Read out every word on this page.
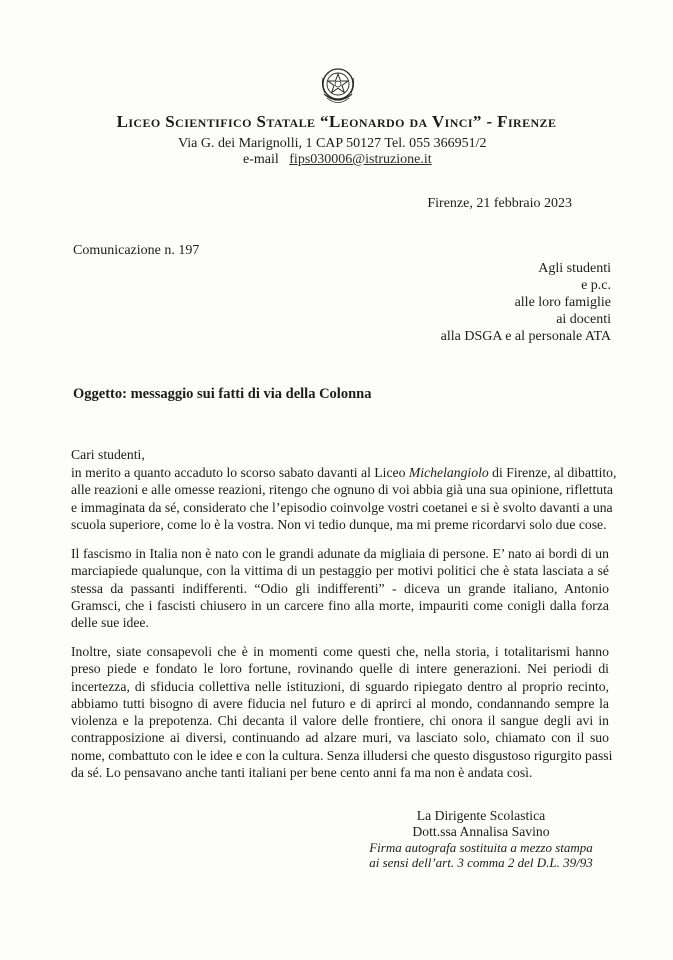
Liceo Scientifico Statale “Leonardo da Vinci” - Firenze
Via G. dei Marignolli, 1 CAP 50127 Tel. 055 366951/2
e-mail fips030006@istruzione.it
Firenze, 21 febbraio 2023
Comunicazione n. 197
Agli studenti
e p.c.
alle loro famiglie
ai docenti
alla DSGA e al personale ATA
Oggetto: messaggio sui fatti di via della Colonna
Cari studenti,
in merito a quanto accaduto lo scorso sabato davanti al Liceo Michelangiolo di Firenze, al dibattito,
alle reazioni e alle omesse reazioni, ritengo che ognuno di voi abbia già una sua opinione, riflettuta
e immaginata da sé, considerato che l’episodio coinvolge vostri coetanei e si è svolto davanti a una
scuola superiore, come lo è la vostra. Non vi tedio dunque, ma mi preme ricordarvi solo due cose.
Il fascismo in Italia non è nato con le grandi adunate da migliaia di persone. E’ nato ai bordi di un
marciapiede qualunque, con la vittima di un pestaggio per motivi politici che è stata lasciata a sé
stessa da passanti indifferenti. “Odio gli indifferenti” - diceva un grande italiano, Antonio
Gramsci, che i fascisti chiusero in un carcere fino alla morte, impauriti come conigli dalla forza
delle sue idee.
Inoltre, siate consapevoli che è in momenti come questi che, nella storia, i totalitarismi hanno
preso piede e fondato le loro fortune, rovinando quelle di intere generazioni. Nei periodi di
incertezza, di sfiducia collettiva nelle istituzioni, di sguardo ripiegato dentro al proprio recinto,
abbiamo tutti bisogno di avere fiducia nel futuro e di aprirci al mondo, condannando sempre la
violenza e la prepotenza. Chi decanta il valore delle frontiere, chi onora il sangue degli avi in
contrapposizione ai diversi, continuando ad alzare muri, va lasciato solo, chiamato con il suo
nome, combattuto con le idee e con la cultura. Senza illudersi che questo disgustoso rigurgito passi
da sé. Lo pensavano anche tanti italiani per bene cento anni fa ma non è andata così.
La Dirigente Scolastica
Dott.ssa Annalisa Savino
Firma autografa sostituita a mezzo stampa
ai sensi dell’art. 3 comma 2 del D.L. 39/93
